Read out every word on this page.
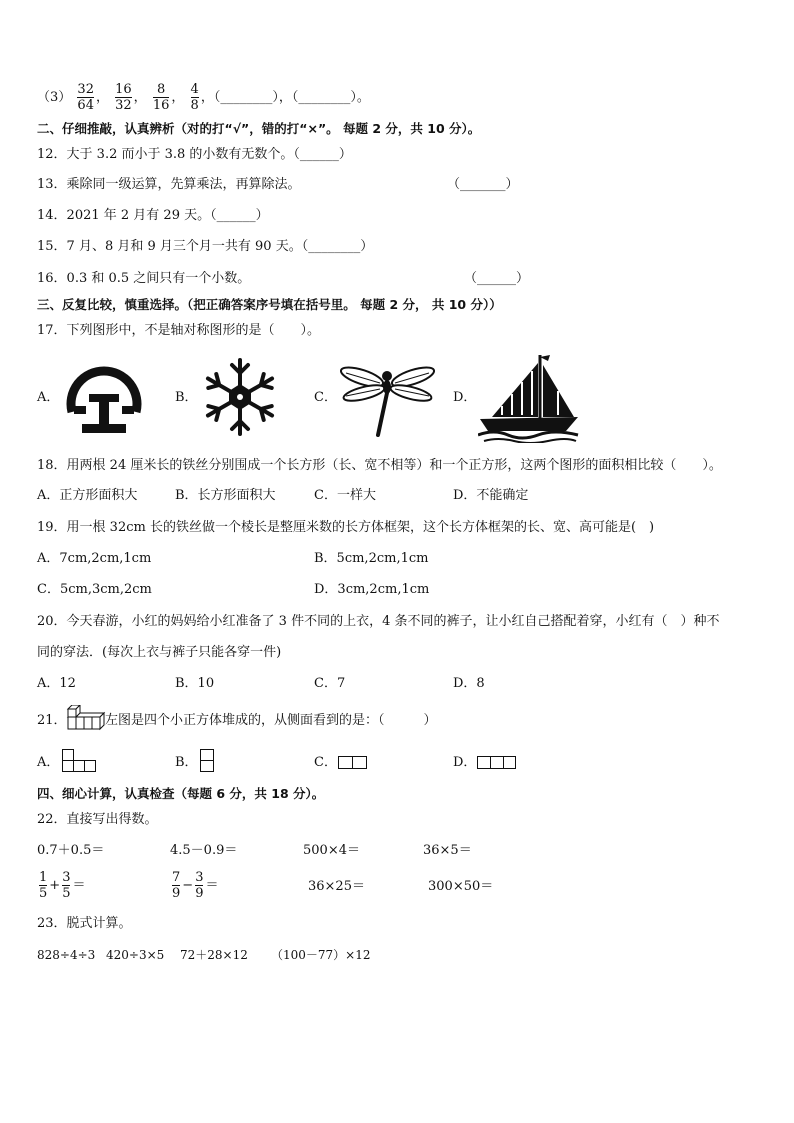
$(3) \frac{32}{64}$ ， $\frac{16}{32}$ ， $\frac{8}{16}$ ， $\frac{4}{8}$ ，（________），（________）。
二、仔细推敲，认真辨析（对的打“√”，错的打“×”。 每题 2 分，共 10 分）。
12．大于 3.2 而小于 3.8 的小数有无数个。（______）
13．乘除同一级运算，先算乘法，再算除法。	（_______）
14．2021 年 2 月有 29 天。（______）
15．7 月、8 月和 9 月三个月一共有 90 天。（________）
16．0.3 和 0.5 之间只有一个小数。	（______）
三、反复比较，慎重选择。（把正确答案序号填在括号里。 每题 2 分， 共 10 分））
17．下列图形中，不是轴对称图形的是（　　）。
A．	B．	C．	D．
18．用两根 24 厘米长的铁丝分别围成一个长方形（长、宽不相等）和一个正方形，这两个图形的面积相比较（　　）。
A．正方形面积大	B．长方形面积大	C．一样大	D．不能确定
19．用一根 32cm 长的铁丝做一个棱长是整厘米数的长方体框架，这个长方体框架的长、宽、高可能是(　)
A．7cm,2cm,1cm	B．5cm,2cm,1cm
C．5cm,3cm,2cm	D．3cm,2cm,1cm
20．今天春游，小红的妈妈给小红准备了 3 件不同的上衣，4 条不同的裤子，让小红自己搭配着穿，小红有（　）种不
同的穿法．(每次上衣与裤子只能各穿一件)
A．12	B．10	C．7	D．8
21．	左图是四个小正方体堆成的，从侧面看到的是：（　　　）
A．	B．	C．	D．
四、细心计算，认真检查（每题 6 分，共 18 分）。
22．直接写出得数。
0.7＋0.5＝	4.5－0.9＝	500×4＝	36×5＝
$\frac{1}{5} + \frac{3}{5}$ ＝	$\frac{7}{9} - \frac{3}{9}$ ＝	36×25＝	300×50＝
23．脱式计算。
828÷4÷3 420÷3×5 72＋28×12 （100－77）×12
